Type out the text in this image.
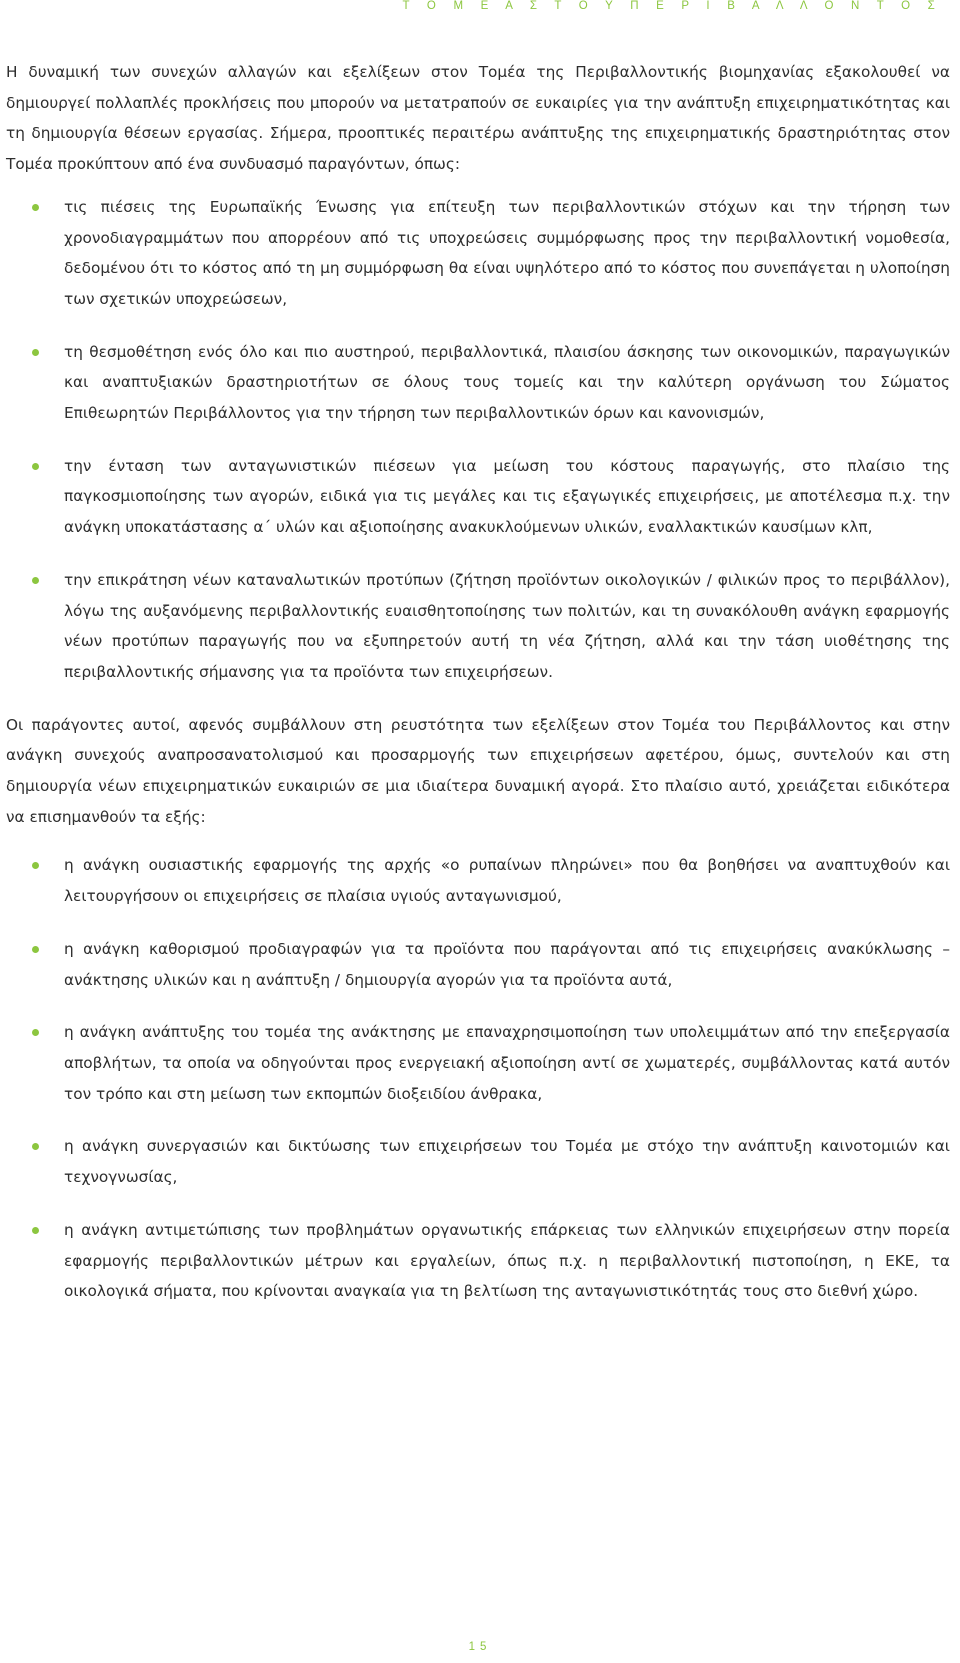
Τ Ο Μ Ε Α Σ Τ Ο Υ Π Ε Ρ Ι Β Α Λ Λ Ο Ν Τ Ο Σ

Η δυναμική των συνεχών αλλαγών και εξελίξεων στον Τομέα της Περιβαλλοντικής βιομηχανίας εξακολουθεί να δημιουργεί πολλαπλές προκλήσεις που μπορούν να μετατραπούν σε ευκαιρίες για την ανάπτυξη επιχειρηματικότητας και τη δημιουργία θέσεων εργασίας. Σήμερα, προοπτικές περαιτέρω ανάπτυξης της επιχειρηματικής δραστηριότητας στον Τομέα προκύπτουν από ένα συνδυασμό παραγόντων, όπως:

τις πιέσεις της Ευρωπαϊκής Ένωσης για επίτευξη των περιβαλλοντικών στόχων και την τήρηση των χρονοδιαγραμμάτων που απορρέουν από τις υποχρεώσεις συμμόρφωσης προς την περιβαλλοντική νομοθεσία, δεδομένου ότι το κόστος από τη μη συμμόρφωση θα είναι υψηλότερο από το κόστος που συνεπάγεται η υλοποίηση των σχετικών υποχρεώσεων,
τη θεσμοθέτηση ενός όλο και πιο αυστηρού, περιβαλλοντικά, πλαισίου άσκησης των οικονομικών, παραγωγικών και αναπτυξιακών δραστηριοτήτων σε όλους τους τομείς και την καλύτερη οργάνωση του Σώματος Επιθεωρητών Περιβάλλοντος για την τήρηση των περιβαλλοντικών όρων και κανονισμών,
την ένταση των ανταγωνιστικών πιέσεων για μείωση του κόστους παραγωγής, στο πλαίσιο της παγκοσμιοποίησης των αγορών, ειδικά για τις μεγάλες και τις εξαγωγικές επιχειρήσεις, με αποτέλεσμα π.χ. την ανάγκη υποκατάστασης α΄ υλών και αξιοποίησης ανακυκλούμενων υλικών, εναλλακτικών καυσίμων κλπ,
την επικράτηση νέων καταναλωτικών προτύπων (ζήτηση προϊόντων οικολογικών / φιλικών προς το περιβάλλον), λόγω της αυξανόμενης περιβαλλοντικής ευαισθητοποίησης των πολιτών, και τη συνακόλουθη ανάγκη εφαρμογής νέων προτύπων παραγωγής που να εξυπηρετούν αυτή τη νέα ζήτηση, αλλά και την τάση υιοθέτησης της περιβαλλοντικής σήμανσης για τα προϊόντα των επιχειρήσεων.

Οι παράγοντες αυτοί, αφενός συμβάλλουν στη ρευστότητα των εξελίξεων στον Τομέα του Περιβάλλοντος και στην ανάγκη συνεχούς αναπροσανατολισμού και προσαρμογής των επιχειρήσεων αφετέρου, όμως, συντελούν και στη δημιουργία νέων επιχειρηματικών ευκαιριών σε μια ιδιαίτερα δυναμική αγορά. Στο πλαίσιο αυτό, χρειάζεται ειδικότερα να επισημανθούν τα εξής:

η ανάγκη ουσιαστικής εφαρμογής της αρχής «ο ρυπαίνων πληρώνει» που θα βοηθήσει να αναπτυχθούν και λειτουργήσουν οι επιχειρήσεις σε πλαίσια υγιούς ανταγωνισμού,
η ανάγκη καθορισμού προδιαγραφών για τα προϊόντα που παράγονται από τις επιχειρήσεις ανακύκλωσης – ανάκτησης υλικών και η ανάπτυξη / δημιουργία αγορών για τα προϊόντα αυτά,
η ανάγκη ανάπτυξης του τομέα της ανάκτησης με επαναχρησιμοποίηση των υπολειμμάτων από την επεξεργασία αποβλήτων, τα οποία να οδηγούνται προς ενεργειακή αξιοποίηση αντί σε χωματερές, συμβάλλοντας κατά αυτόν τον τρόπο και στη μείωση των εκπομπών διοξειδίου άνθρακα,
η ανάγκη συνεργασιών και δικτύωσης των επιχειρήσεων του Τομέα με στόχο την ανάπτυξη καινοτομιών και τεχνογνωσίας,
η ανάγκη αντιμετώπισης των προβλημάτων οργανωτικής επάρκειας των ελληνικών επιχειρήσεων στην πορεία εφαρμογής περιβαλλοντικών μέτρων και εργαλείων, όπως π.χ. η περιβαλλοντική πιστοποίηση, η ΕΚΕ, τα οικολογικά σήματα, που κρίνονται αναγκαία για τη βελτίωση της ανταγωνιστικότητάς τους στο διεθνή χώρο.
15
